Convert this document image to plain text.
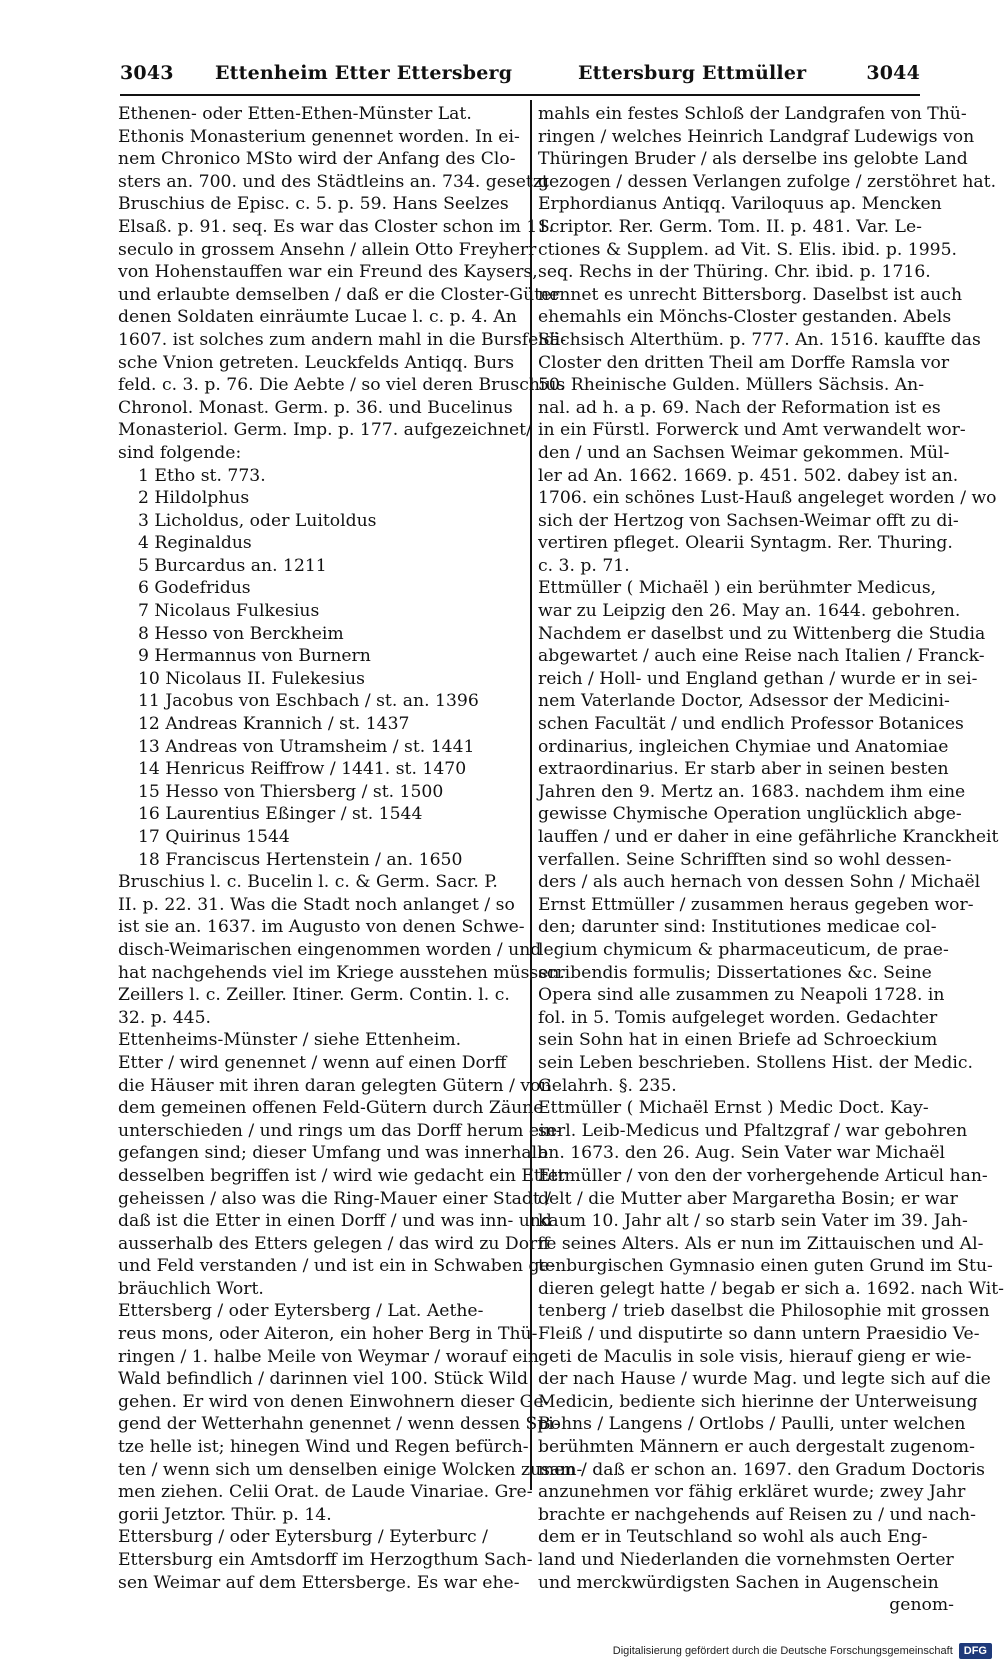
3043 Ettenheim Etter Ettersberg	Ettersburg Ettmüller	3044
Ethenen- oder Etten-Ethen-Münster Lat.
Ethonis Monasterium genennet worden. In ei-
nem Chronico MSto wird der Anfang des Clo-
sters an. 700. und des Städtleins an. 734. gesetzt
Bruschius de Episc. c. 5. p. 59. Hans Seelzes
Elsaß. p. 91. seq. Es war das Closter schon im 11.
seculo in grossem Ansehn / allein Otto Freyherr
von Hohenstauffen war ein Freund des Kaysers,
und erlaubte demselben / daß er die Closter-Güter
denen Soldaten einräumte Lucae l. c. p. 4. An
1607. ist solches zum andern mahl in die Bursfeldi-
sche Vnion getreten. Leuckfelds Antiqq. Burs
feld. c. 3. p. 76. Die Aebte / so viel deren Bruschius
Chronol. Monast. Germ. p. 36. und Bucelinus
Monasteriol. Germ. Imp. p. 177. aufgezeichnet/
sind folgende:
1 Etho st. 773.
2 Hildolphus
3 Licholdus, oder Luitoldus
4 Reginaldus
5 Burcardus an. 1211
6 Godefridus
7 Nicolaus Fulkesius
8 Hesso von Berckheim
9 Hermannus von Burnern
10 Nicolaus II. Fulekesius
11 Jacobus von Eschbach / st. an. 1396
12 Andreas Krannich / st. 1437
13 Andreas von Utramsheim / st. 1441
14 Henricus Reiffrow / 1441. st. 1470
15 Hesso von Thiersberg / st. 1500
16 Laurentius Eßinger / st. 1544
17 Quirinus 1544
18 Franciscus Hertenstein / an. 1650
Bruschius l. c. Bucelin l. c. & Germ. Sacr. P.
II. p. 22. 31. Was die Stadt noch anlanget / so
ist sie an. 1637. im Augusto von denen Schwe-
disch-Weimarischen eingenommen worden / und
hat nachgehends viel im Kriege ausstehen müssen.
Zeillers l. c. Zeiller. Itiner. Germ. Contin. l. c.
32. p. 445.
Ettenheims-Münster / siehe Ettenheim.
Etter / wird genennet / wenn auf einen Dorff
die Häuser mit ihren daran gelegten Gütern / von
dem gemeinen offenen Feld-Gütern durch Zäune
unterschieden / und rings um das Dorff herum ein-
gefangen sind; dieser Umfang und was innerhalb
desselben begriffen ist / wird wie gedacht ein Etter
geheissen / also was die Ring-Mauer einer Stadt /
daß ist die Etter in einen Dorff / und was inn- und
ausserhalb des Etters gelegen / das wird zu Dorff
und Feld verstanden / und ist ein in Schwaben ge-
bräuchlich Wort.
Ettersberg / oder Eytersberg / Lat. Aethe-
reus mons, oder Aiteron, ein hoher Berg in Thü-
ringen / 1. halbe Meile von Weymar / worauf ein
Wald befindlich / darinnen viel 100. Stück Wild
gehen. Er wird von denen Einwohnern dieser Ge-
gend der Wetterhahn genennet / wenn dessen Spi-
tze helle ist; hinegen Wind und Regen befürch-
ten / wenn sich um denselben einige Wolcken zusam-
men ziehen. Celii Orat. de Laude Vinariae. Gre-
gorii Jetztor. Thür. p. 14.
Ettersburg / oder Eytersburg / Eyterburc /
Ettersburg ein Amtsdorff im Herzogthum Sach-
sen Weimar auf dem Ettersberge. Es war ehe-
mahls ein festes Schloß der Landgrafen von Thü-
ringen / welches Heinrich Landgraf Ludewigs von
Thüringen Bruder / als derselbe ins gelobte Land
gezogen / dessen Verlangen zufolge / zerstöhret hat.
Erphordianus Antiqq. Variloquus ap. Mencken
Scriptor. Rer. Germ. Tom. II. p. 481. Var. Le-
ctiones & Supplem. ad Vit. S. Elis. ibid. p. 1995.
seq. Rechs in der Thüring. Chr. ibid. p. 1716.
nennet es unrecht Bittersborg. Daselbst ist auch
ehemahls ein Mönchs-Closter gestanden. Abels
Sächsisch Alterthüm. p. 777. An. 1516. kauffte das
Closter den dritten Theil am Dorffe Ramsla vor
50. Rheinische Gulden. Müllers Sächsis. An-
nal. ad h. a p. 69. Nach der Reformation ist es
in ein Fürstl. Forwerck und Amt verwandelt wor-
den / und an Sachsen Weimar gekommen. Mül-
ler ad An. 1662. 1669. p. 451. 502. dabey ist an.
1706. ein schönes Lust-Hauß angeleget worden / wo
sich der Hertzog von Sachsen-Weimar offt zu di-
vertiren pfleget. Olearii Syntagm. Rer. Thuring.
c. 3. p. 71.
Ettmüller ( Michaël ) ein berühmter Medicus,
war zu Leipzig den 26. May an. 1644. gebohren.
Nachdem er daselbst und zu Wittenberg die Studia
abgewartet / auch eine Reise nach Italien / Franck-
reich / Holl- und England gethan / wurde er in sei-
nem Vaterlande Doctor, Adsessor der Medicini-
schen Facultät / und endlich Professor Botanices
ordinarius, ingleichen Chymiae und Anatomiae
extraordinarius. Er starb aber in seinen besten
Jahren den 9. Mertz an. 1683. nachdem ihm eine
gewisse Chymische Operation unglücklich abge-
lauffen / und er daher in eine gefährliche Kranckheit
verfallen. Seine Schrifften sind so wohl dessen-
ders / als auch hernach von dessen Sohn / Michaël
Ernst Ettmüller / zusammen heraus gegeben wor-
den; darunter sind: Institutiones medicae col-
legium chymicum & pharmaceuticum, de prae-
scribendis formulis; Dissertationes &c. Seine
Opera sind alle zusammen zu Neapoli 1728. in
fol. in 5. Tomis aufgeleget worden. Gedachter
sein Sohn hat in einen Briefe ad Schroeckium
sein Leben beschrieben. Stollens Hist. der Medic.
Gelahrh. §. 235.
Ettmüller ( Michaël Ernst ) Medic Doct. Kay-
serl. Leib-Medicus und Pfaltzgraf / war gebohren
an. 1673. den 26. Aug. Sein Vater war Michaël
Ettmüller / von den der vorhergehende Articul han-
delt / die Mutter aber Margaretha Bosin; er war
kaum 10. Jahr alt / so starb sein Vater im 39. Jah-
re seines Alters. Als er nun im Zittauischen und Al-
tenburgischen Gymnasio einen guten Grund im Stu-
dieren gelegt hatte / begab er sich a. 1692. nach Wit-
tenberg / trieb daselbst die Philosophie mit grossen
Fleiß / und disputirte so dann untern Praesidio Ve-
geti de Maculis in sole visis, hierauf gieng er wie-
der nach Hause / wurde Mag. und legte sich auf die
Medicin, bediente sich hierinne der Unterweisung
Bohns / Langens / Ortlobs / Paulli, unter welchen
berühmten Männern er auch dergestalt zugenom-
men / daß er schon an. 1697. den Gradum Doctoris
anzunehmen vor fähig erkläret wurde; zwey Jahr
brachte er nachgehends auf Reisen zu / und nach-
dem er in Teutschland so wohl als auch Eng-
land und Niederlanden die vornehmsten Oerter
und merckwürdigsten Sachen in Augenschein
genom-
Digitalisierung gefördert durch die Deutsche Forschungsgemeinschaft	DFG
